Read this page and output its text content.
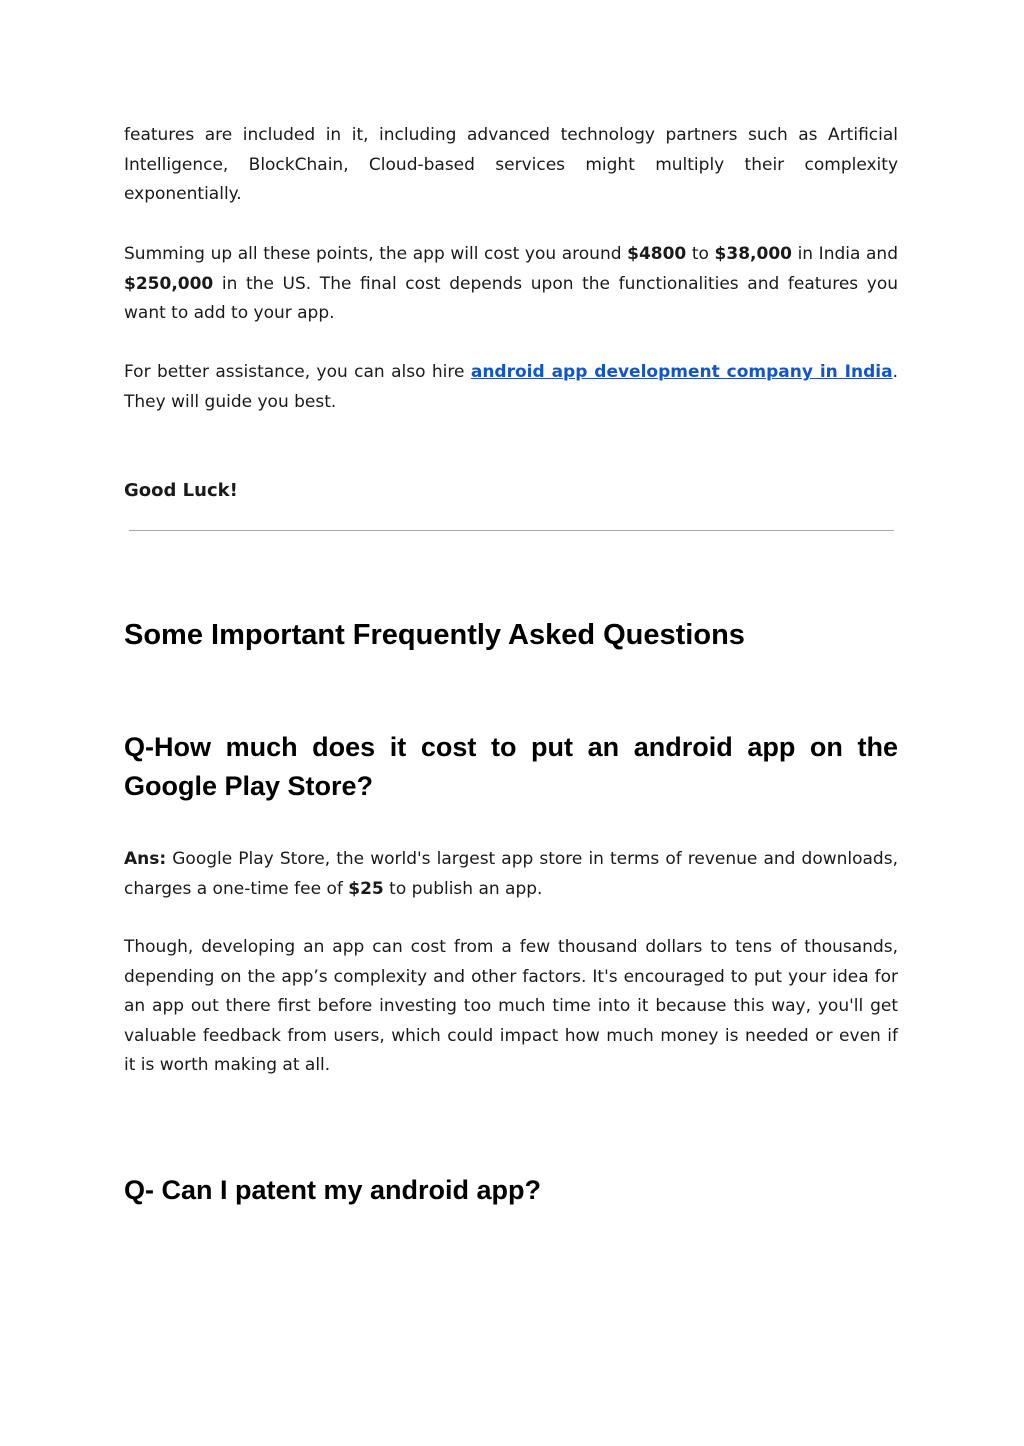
features are included in it, including advanced technology partners such as Artificial Intelligence, BlockChain, Cloud-based services might multiply their complexity exponentially.

Summing up all these points, the app will cost you around $4800 to $38,000 in India and $250,000 in the US. The final cost depends upon the functionalities and features you want to add to your app.

For better assistance, you can also hire android app development company in India. They will guide you best.

Good Luck!

Some Important Frequently Asked Questions
Q-How much does it cost to put an android app on the Google Play Store?

Ans: Google Play Store, the world's largest app store in terms of revenue and downloads, charges a one-time fee of $25 to publish an app.

Though, developing an app can cost from a few thousand dollars to tens of thousands, depending on the app’s complexity and other factors. It's encouraged to put your idea for an app out there first before investing too much time into it because this way, you'll get valuable feedback from users, which could impact how much money is needed or even if it is worth making at all.

Q- Can I patent my android app?
